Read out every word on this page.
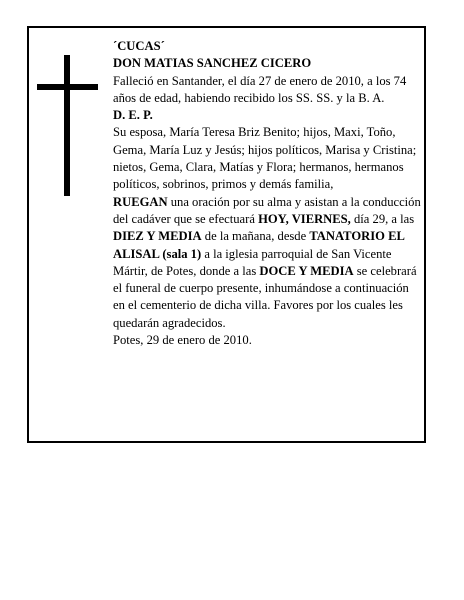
´CUCAS´

DON MATIAS SANCHEZ CICERO

Falleció en Santander, el día 27 de enero de 2010, a los 74 años de edad, habiendo recibido los SS. SS. y la B. A.

D. E. P.

Su esposa, María Teresa Briz Benito; hijos, Maxi, Toño, Gema, María Luz y Jesús; hijos políticos, Marisa y Cristina; nietos, Gema, Clara, Matías y Flora; hermanos, hermanos políticos, sobrinos, primos y demás familia,

RUEGAN una oración por su alma y asistan a la conducción del cadáver que se efectuará HOY, VIERNES, día 29, a las DIEZ Y MEDIA de la mañana, desde TANATORIO EL ALISAL (sala 1) a la iglesia parroquial de San Vicente Mártir, de Potes, donde a las DOCE Y MEDIA se celebrará el funeral de cuerpo presente, inhumándose a continuación en el cementerio de dicha villa. Favores por los cuales les quedarán agradecidos.

Potes, 29 de enero de 2010.
